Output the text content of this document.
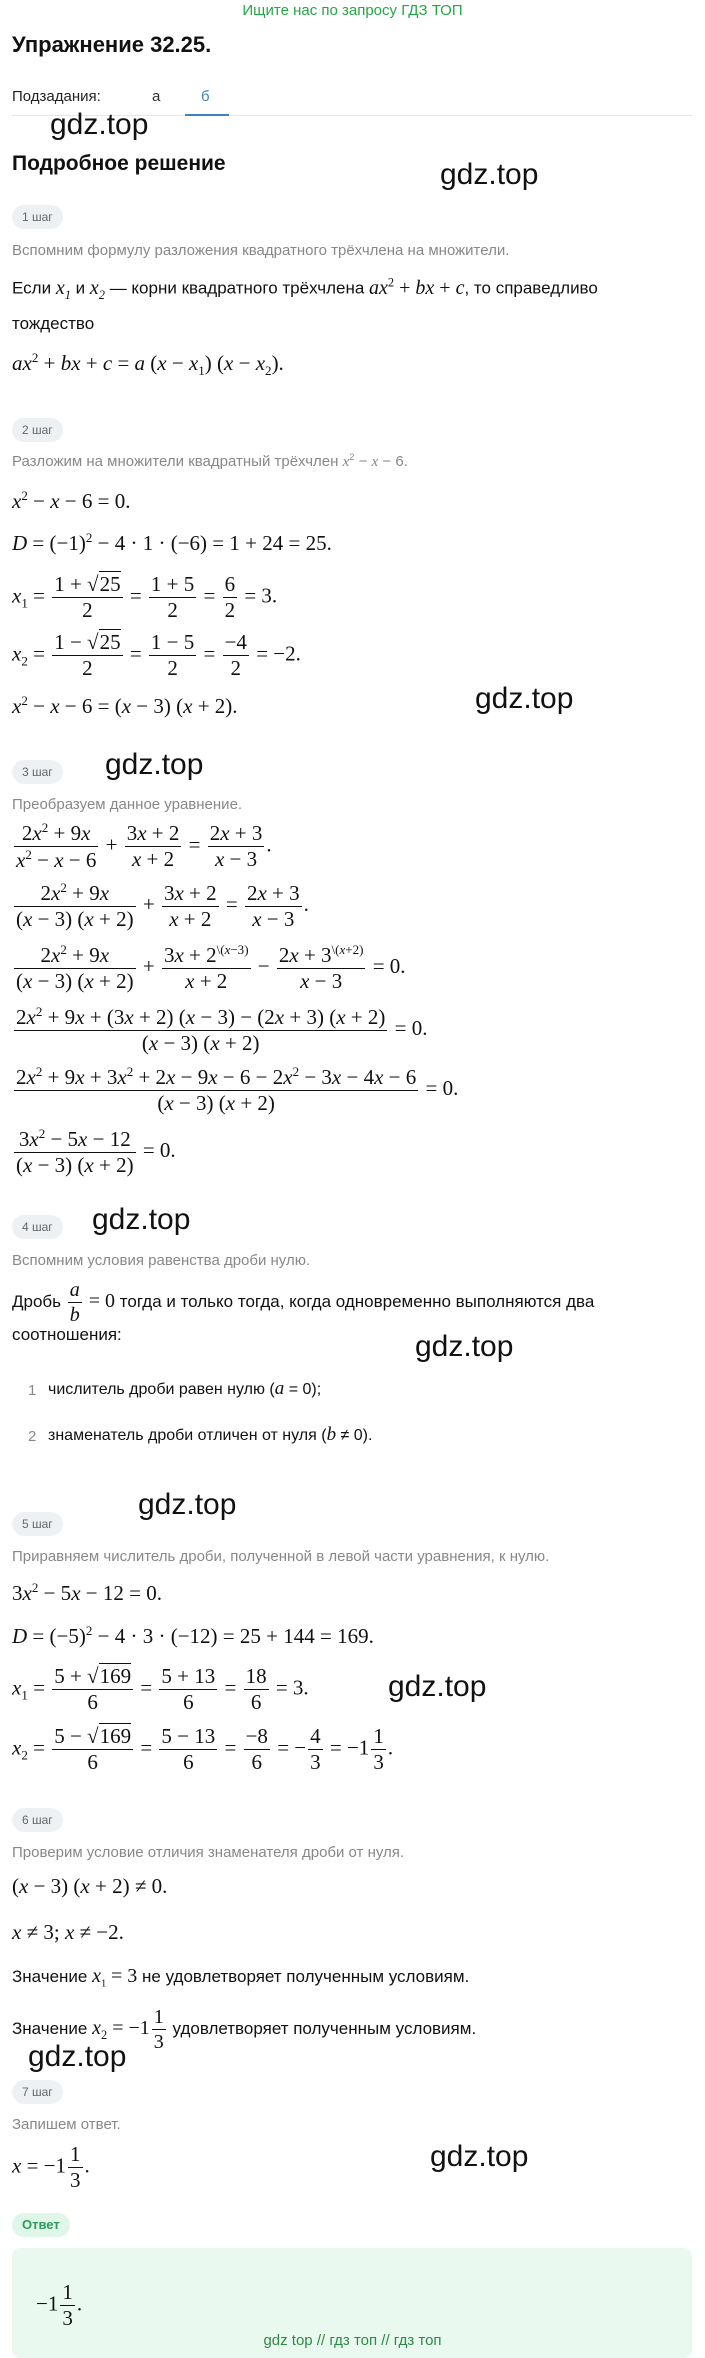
Ищите нас по запросу ГДЗ ТОП
Упражнение 32.25.
Подзадания:	а	б
gdz.top
Подробное решение	gdz.top
1 шаг
Вспомним формулу разложения квадратного трёхчлена на множители.
Если $x_1$ и $x_2$ — корни квадратного трёхчлена $ax^2$ + bx + c, то справедливо
тождество
$ax^2$ + bx + c = a $(x - x_1)$ $(x - x_2)$.
2 шаг
Разложим на множители квадратный трёхчлен $x^2 - x - 6$.
$x^2 - x - 6 = 0$.
$D = (-1)^2 - 4 \cdot 1 \cdot (-6) = 1 + 24 = 25$.
$x_1 = \frac{1 + √25}{2} = \frac{1 + 5}{2} = \frac{6}{2} = 3$.
$x_2 = \frac{1 - √25}{2} = \frac{1 - 5}{2} = \frac{-4}{2} = -2$.
$x^2 - x - 6 = (x - 3) (x + 2)$.	gdz.top
gdz.top
3 шаг
Преобразуем данное уравнение.
$\frac{2x^2 + 9x}{x^2 - x - 6} + \frac{3x + 2}{x + 2} = \frac{2x + 3}{x - 3}$ .
$\frac{2x^2 + 9x}{(x - 3) (x + 2)} + \frac{3x + 2}{x + 2} = \frac{2x + 3}{x - 3}$ .
$\frac{2x^2 + 9x}{(x - 3) (x + 2)} + \frac{3x + 2^{\backslash(x-3)}}{x + 2} - \frac{2x + 3^{\backslash(x+2)}}{x - 3} = 0$.
$\frac{2x^2 + 9x + (3x + 2) (x - 3) - (2x + 3) (x + 2)}{(x - 3) (x + 2)} = 0$.
$\frac{2x^2 + 9x + 3x^2 + 2x - 9x - 6 - 2x^2 - 3x - 4x - 6}{(x - 3) (x + 2)} = 0$.
$\frac{3x^2 - 5x - 12}{(x - 3) (x + 2)} = 0$.
4 шаг	gdz.top
Вспомним условия равенства дроби нулю.
Дробь $\frac{a}{b} = 0$ тогда и только тогда, когда одновременно выполняются два
соотношения:	gdz.top
1 числитель дроби равен нулю (a = 0);
2 знаменатель дроби отличен от нуля (b ≠ 0).
gdz.top
5 шаг
Приравняем числитель дроби, полученной в левой части уравнения, к нулю.
$3x^2 - 5x - 12 = 0$.
$D = (-5)^2 - 4 \cdot 3 \cdot (-12) = 25 + 144 = 169$.
$x_1 = \frac{5 + √169}{6} = \frac{5 + 13}{6} = \frac{18}{6} = 3$.	gdz.top
$x_2 = \frac{5 - √169}{6} = \frac{5 - 13}{6} = \frac{-8}{6}$ = − $\frac{4}{3} = -1 \frac{1}{3}$ .
6 шаг
Проверим условие отличия знаменателя дроби от нуля.
(x − 3) (x + 2) ≠ 0.
x ≠ 3; x ≠ −2.
Значение $x_1 = 3$ не удовлетворяет полученным условиям.
Значение $x_2 = -1 \frac{1}{3}$ удовлетворяет полученным условиям.
gdz.top
7 шаг
Запишем ответ.
$x = -1 \frac{1}{3}$ .	gdz.top
Ответ
$-1 \frac{1}{3}$ .
gdz top // гдз топ // гдз топ
